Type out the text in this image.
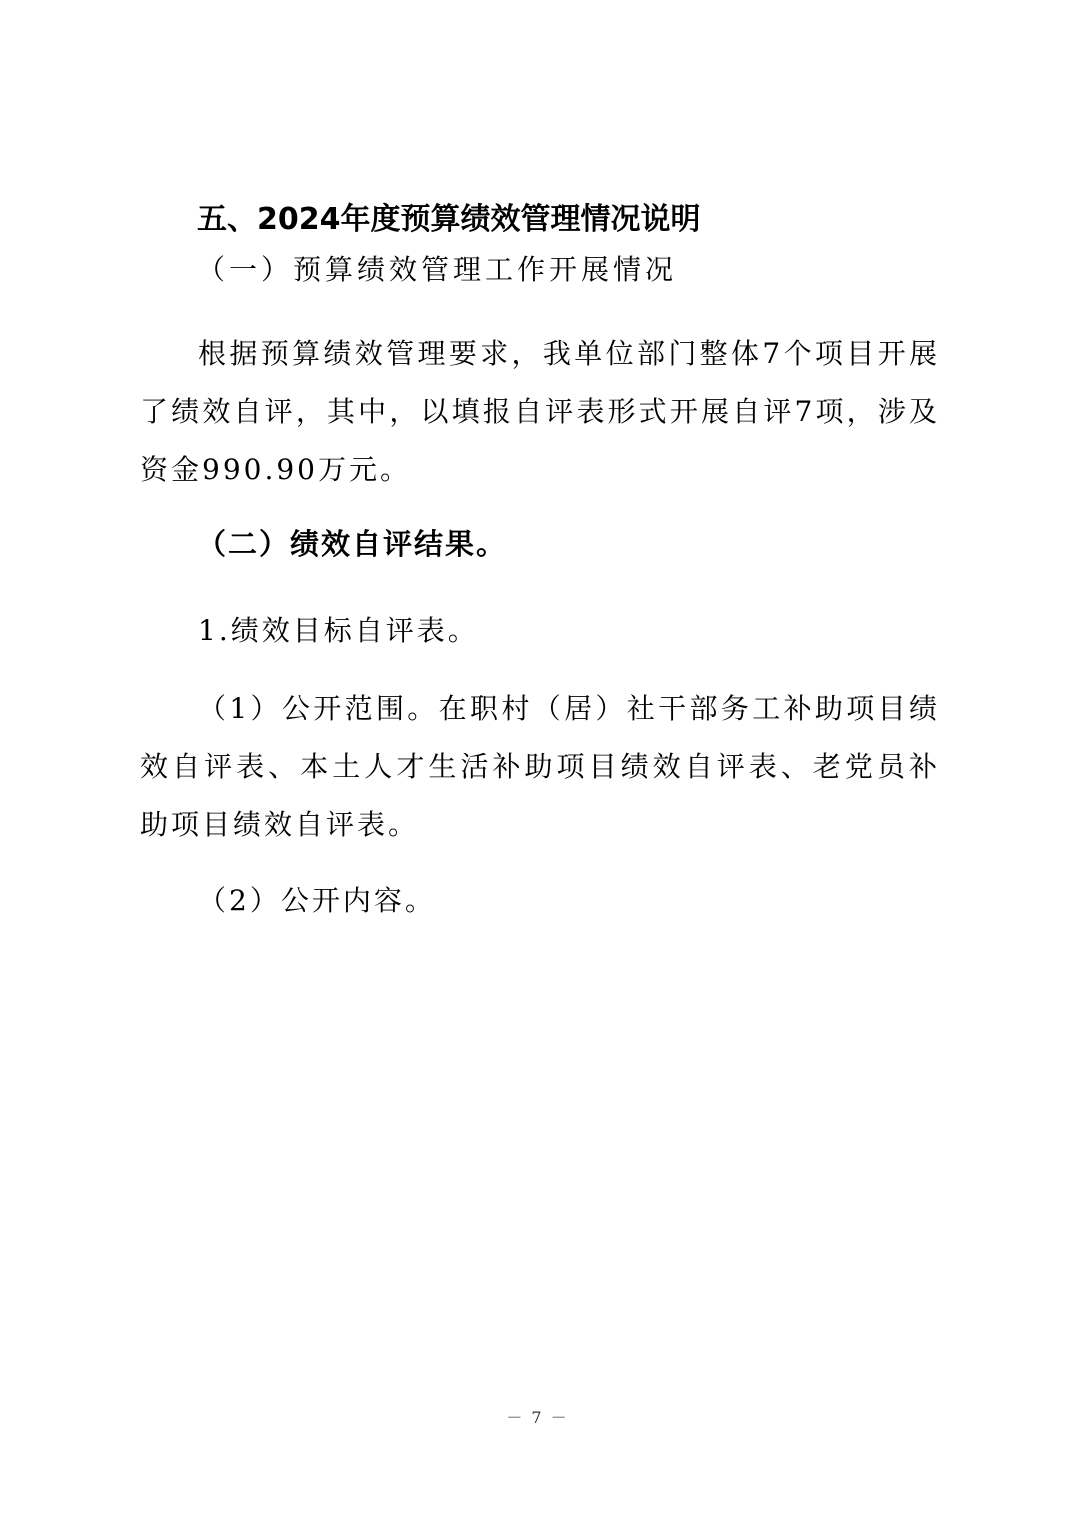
五、2024年度预算绩效管理情况说明
（一）预算绩效管理工作开展情况
根据预算绩效管理要求，我单位部门整体7个项目开展了绩效自评，其中，以填报自评表形式开展自评7项，涉及资金990.90万元。
（二）绩效自评结果。
1.绩效目标自评表。
（1）公开范围。在职村（居）社干部务工补助项目绩效自评表、本土人才生活补助项目绩效自评表、老党员补助项目绩效自评表。
（2）公开内容。
－ 7 －
